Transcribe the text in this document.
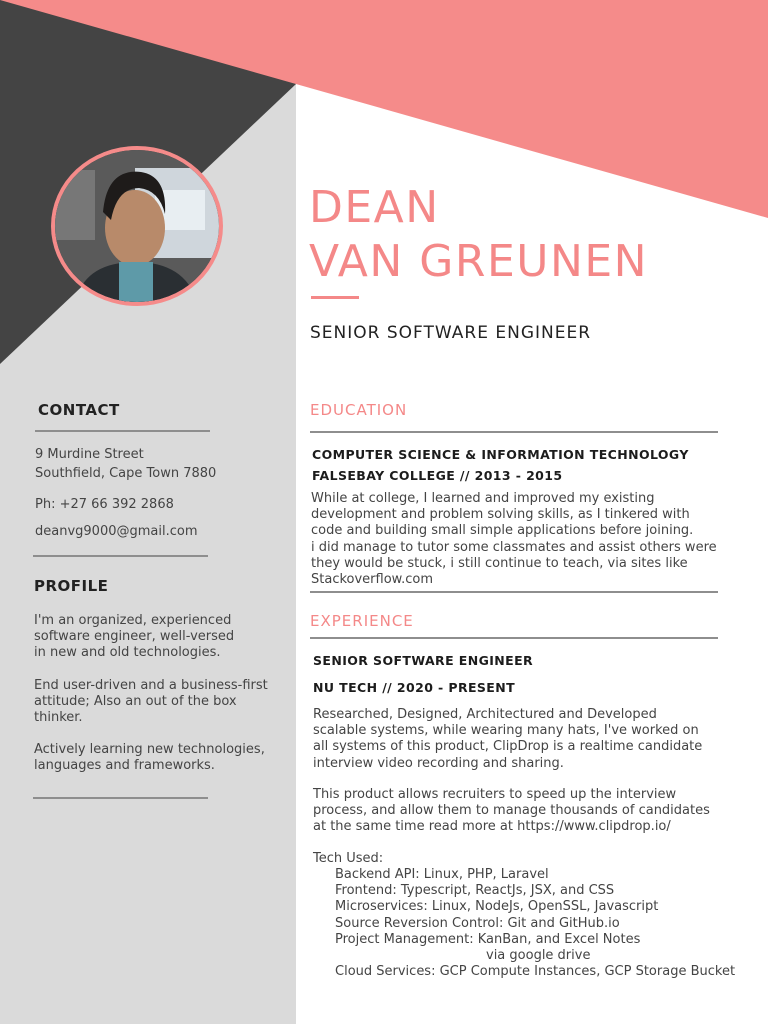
DEAN
VAN GREUNEN
SENIOR SOFTWARE ENGINEER
CONTACT
9 Murdine Street
Southfield, Cape Town 7880
Ph: +27 66 392 2868
deanvg9000@gmail.com
PROFILE
I'm an organized, experienced
software engineer, well-versed
in new and old technologies.
End user-driven and a business-first
attitude; Also an out of the box
thinker.
Actively learning new technologies,
languages and frameworks.
EDUCATION
COMPUTER SCIENCE & INFORMATION TECHNOLOGY
FALSEBAY COLLEGE // 2013 - 2015
While at college, I learned and improved my existing
development and problem solving skills, as I tinkered with
code and building small simple applications before joining.
i did manage to tutor some classmates and assist others were
they would be stuck, i still continue to teach, via sites like
Stackoverflow.com
EXPERIENCE
SENIOR SOFTWARE ENGINEER
NU TECH // 2020 - PRESENT
Researched, Designed, Architectured and Developed
scalable systems, while wearing many hats, I've worked on
all systems of this product, ClipDrop is a realtime candidate
interview video recording and sharing.
This product allows recruiters to speed up the interview
process, and allow them to manage thousands of candidates
at the same time read more at https://www.clipdrop.io/
Tech Used:
Backend API: Linux, PHP, Laravel
Frontend: Typescript, ReactJs, JSX, and CSS
Microservices: Linux, NodeJs, OpenSSL, Javascript
Source Reversion Control: Git and GitHub.io
Project Management: KanBan, and Excel Notes
via google drive
Cloud Services: GCP Compute Instances, GCP Storage Bucket
